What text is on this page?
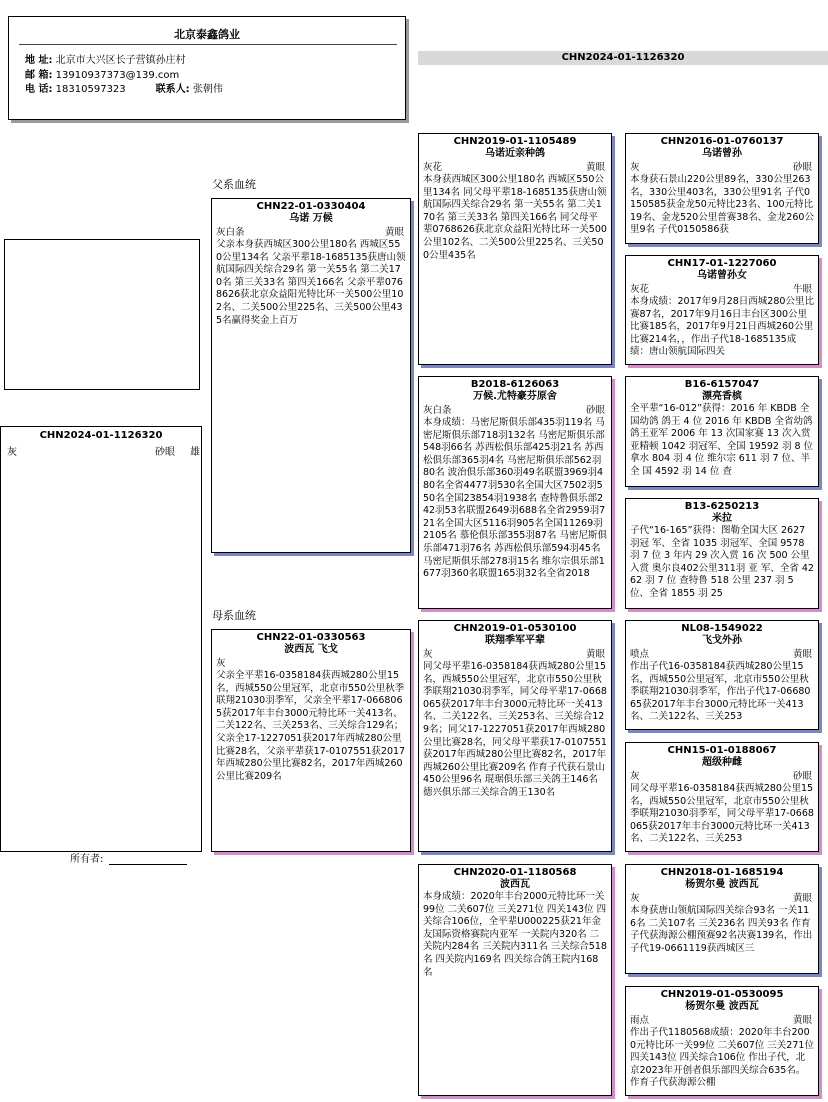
北京泰鑫鸽业
地 址: 北京市大兴区长子营镇孙庄村
邮 箱: 13910937373@139.com
电 话: 18310597323	联系人: 张朝伟
CHN2024-01-1126320
CHN2024-01-1126320
灰	砂眼 雄
所有者:
父系血统
母系血统
CHN22-01-0330404
乌诺 万候
灰白条	黄眼
父亲本身获西城区300公里180名 西城区550公里134名 父亲平辈18-1685135获唐山领航国际四关综合29名 第一关55名 第二关170名 第三关33名 第四关166名 父亲平辈0768626获北京众益阳光特比环一关500公里102名、二关500公里225名、三关500公里435名赢得奖金上百万
CHN22-01-0330563
波西瓦 飞戈
灰
父亲全平辈16-0358184获西城280公里15名，西城550公里冠军，北京市550公里秋季联翔21030羽季军，父亲全平辈17-0668065获2017年丰台3000元特比环一关413名、二关122名、三关253名、三关综合129名；父亲全17-1227051获2017年西城280公里比赛28名，父亲平辈获17-0107551获2017年西城280公里比赛82名，2017年西城260公里比赛209名
CHN2019-01-1105489
乌诺近亲种鸽
灰花	黄眼
本身获西城区300公里180名 西城区550公里134名 同父母平辈18-1685135获唐山领航国际四关综合29名 第一关55名 第二关170名 第三关33名 第四关166名 同父母平辈0768626获北京众益阳光特比环一关500公里102名、二关500公里225名、三关500公里435名
B2018-6126063
万候.尤特豪芬原舍
灰白条	砂眼
本身成绩：马密尼斯俱乐部435羽119名 马密尼斯俱乐部718羽132名 马密尼斯俱乐部548羽66名 苏西松俱乐部425羽21名 苏西松俱乐部365羽4名 马密尼斯俱乐部562羽80名 波治俱乐部360羽49名联盟3969羽480名全省4477羽530名全国大区7502羽550名全国23854羽1938名 查特鲁俱乐部242羽53名联盟2649羽688名全省2959羽721名全国大区5116羽905名全国11269羽2105名 慕伦俱乐部355羽87名 马密尼斯俱乐部471羽76名 苏西松俱乐部594羽45名 马密尼斯俱乐部278羽15名 维尔宗俱乐部1677羽360名联盟165羽32名全省2018
CHN2019-01-0530100
联翔季军平辈
灰	黄眼
同父母平辈16-0358184获西城280公里15名，西城550公里冠军，北京市550公里秋季联翔21030羽季军，同父母平辈17-0668065获2017年丰台3000元特比环一关413名、二关122名、三关253名、三关综合129名；同父17-1227051获2017年西城280公里比赛28名，同父母平辈获17-0107551获2017年西城280公里比赛82名，2017年西城260公里比赛209名 作育子代获石景山450公里96名 琨琚俱乐部三关鸽王146名 德兴俱乐部三关综合鸽王130名
CHN2020-01-1180568
波西瓦
本身成绩：2020年丰台2000元特比环一关99位 二关607位 三关271位 四关143位 四关综合106位，全平辈U000225获21年金友国际资格赛院内亚军 一关院内320名 二关院内284名 三关院内311名 三关综合518名 四关院内169名 四关综合鸽王院内168名
CHN2016-01-0760137
乌诺曾孙
灰	砂眼
本身获石景山220公里89名，330公里263名，330公里403名，330公里91名 子代0150585获金龙50元特比23名、100元特比19名、金龙520公里普赛38名、金龙260公里9名 子代0150586获
CHN17-01-1227060
乌诺曾孙女
灰花	牛眼
本身成绩：2017年9月28日西城280公里比赛87名，2017年9月16日丰台区300公里比赛185名，2017年9月21日西城260公里比赛214名，，作出子代18-1685135成绩：唐山领航国际四关
B16-6157047
漂亮香槟
全平辈“16-012”获得：2016 年 KBDB 全国幼鸽 鸽王 4 位 2016 年 KBDB 全省幼鸽 鸽王亚军 2006 年 13 次国家赛 13 次入赏 亚精顿 1042 羽冠军、全国 19592 羽 8 位 拿水 804 羽 4 位 维尔宗 611 羽 7 位、半全 国 4592 羽 14 位 查
B13-6250213
米拉
子代“16-165”获得：图勒全国大区 2627 羽冠 军、全省 1035 羽冠军、全国 9578 羽 7 位 3 年内 29 次入赏 16 次 500 公里入赏 奥尔良402公里311羽 亚 军、全省 4262 羽 7 位 查特鲁 518 公里 237 羽 5 位、全省 1855 羽 25
NL08-1549022
飞戈外孙
喷点	黄眼
作出子代16-0358184获西城280公里15名，西城550公里冠军，北京市550公里秋季联翔21030羽季军，作出子代17-0668065获2017年丰台3000元特比环一关413名、二关122名、三关253
CHN15-01-0188067
超级种雌
灰	砂眼
同父母平辈16-0358184获西城280公里15名，西城550公里冠军，北京市550公里秋季联翔21030羽季军，同父母平辈17-0668065获2017年丰台3000元特比环一关413名、二关122名、三关253
CHN2018-01-1685194
杨贺尔曼 波西瓦
灰	黄眼
本身获唐山领航国际四关综合93名 一关116名 二关107名 三关236名 四关93名 作育子代获海源公棚预赛92名决赛139名，作出子代19-0661119获西城区三
CHN2019-01-0530095
杨贺尔曼 波西瓦
雨点	黄眼
作出子代1180568成绩：2020年丰台2000元特比环一关99位 二关607位 三关271位 四关143位 四关综合106位 作出子代，北京2023年开创者俱乐部四关综合635名。作育子代获海源公棚
